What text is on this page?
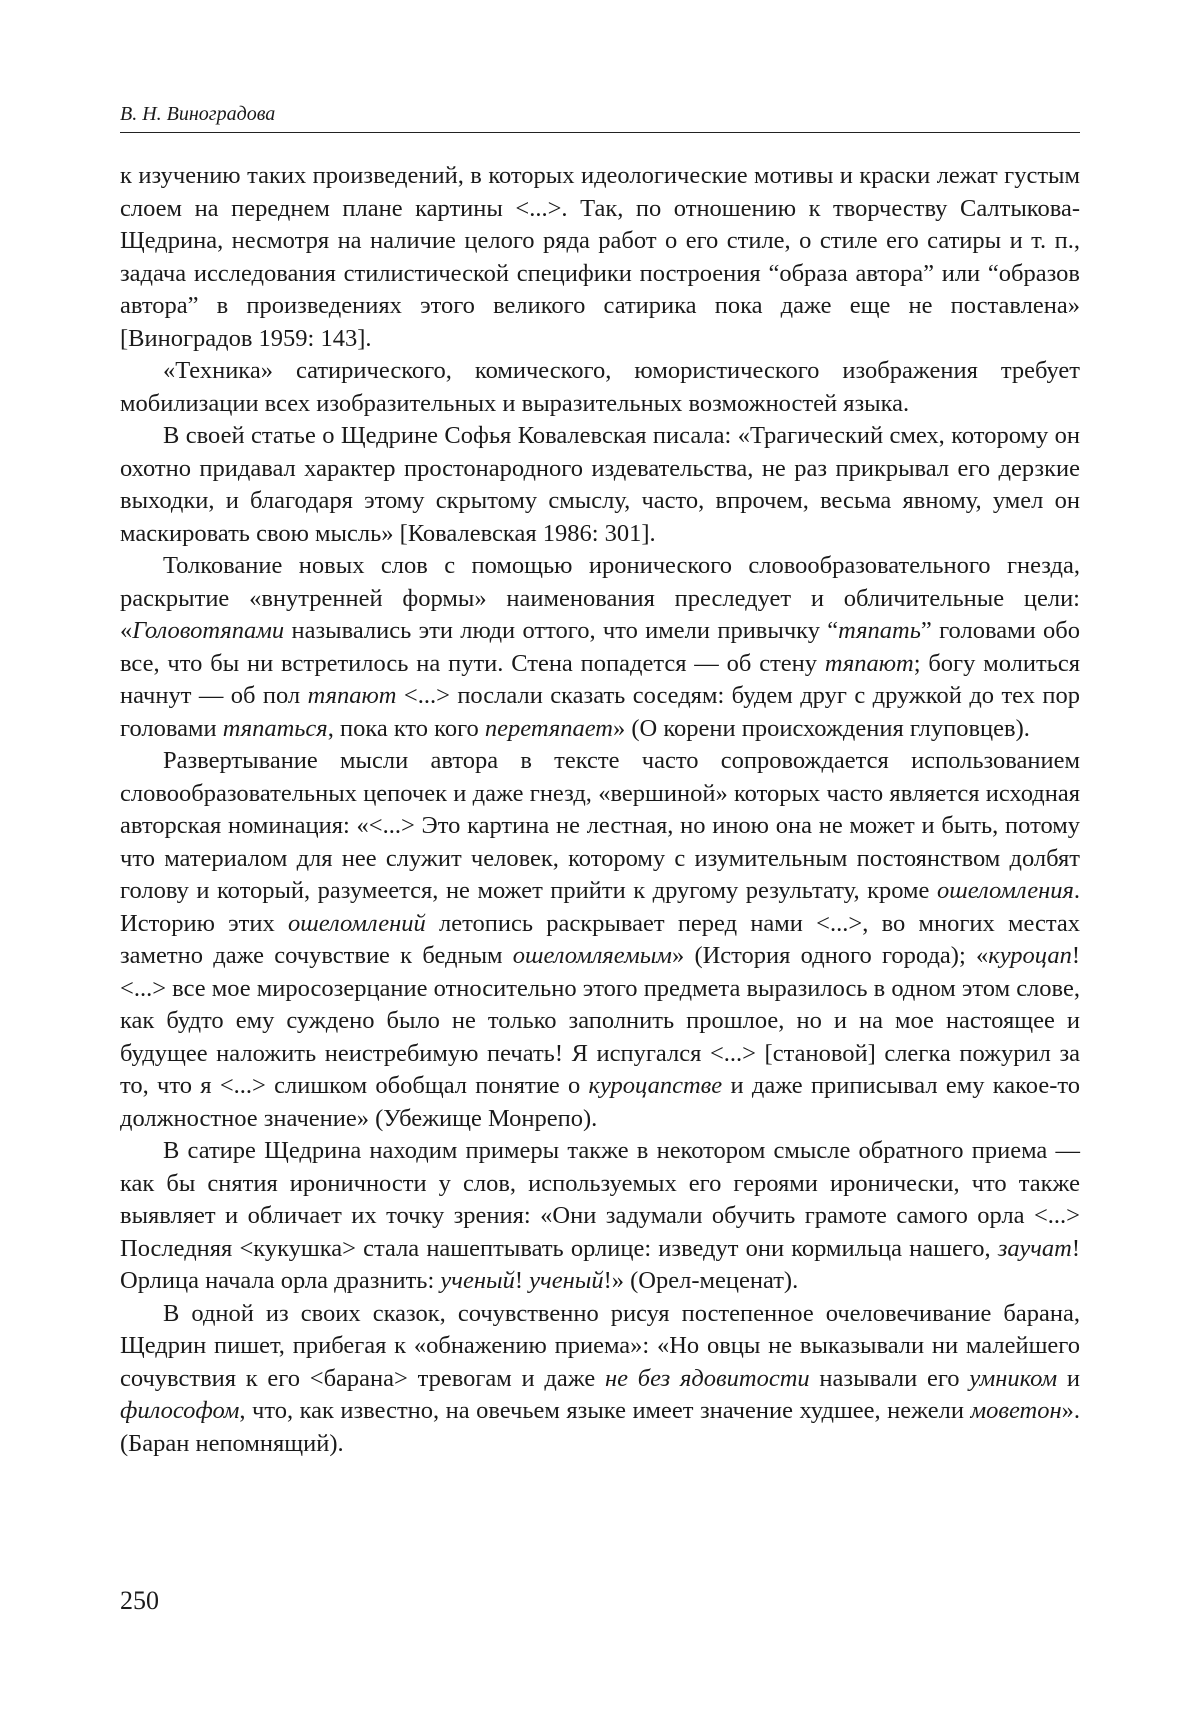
В. Н. Виноградова

к изучению таких произведений, в которых идеологические мотивы и краски лежат густым слоем на переднем плане картины <...>. Так, по отношению к творчеству Салтыкова-Щедрина, несмотря на наличие целого ряда работ о его стиле, о стиле его сатиры и т. п., задача исследования стилистической специфики построения “образа автора” или “образов автора” в произведениях этого великого сатирика пока даже еще не поставлена» [Виноградов 1959: 143].

«Техника» сатирического, комического, юмористического изображения требует мобилизации всех изобразительных и выразительных возможностей языка.

В своей статье о Щедрине Софья Ковалевская писала: «Трагический смех, которому он охотно придавал характер простонародного издевательства, не раз прикрывал его дерзкие выходки, и благодаря этому скрытому смыслу, часто, впрочем, весьма явному, умел он маскировать свою мысль» [Ковалевская 1986: 301].

Толкование новых слов с помощью иронического словообразовательного гнезда, раскрытие «внутренней формы» наименования преследует и обличительные цели: «Головотяпами назывались эти люди оттого, что имели привычку “тяпать” головами обо все, что бы ни встретилось на пути. Стена попадется — об стену тяпают; богу молиться начнут — об пол тяпают <...> послали сказать соседям: будем друг с дружкой до тех пор головами тяпаться, пока кто кого перетяпает» (О корени происхождения глуповцев).

Развертывание мысли автора в тексте часто сопровождается использованием словообразовательных цепочек и даже гнезд, «вершиной» которых часто является исходная авторская номинация: «<...> Это картина не лестная, но иною она не может и быть, потому что материалом для нее служит человек, которому с изумительным постоянством долбят голову и который, разумеется, не может прийти к другому результату, кроме ошеломления. Историю этих ошеломлений летопись раскрывает перед нами <...>, во многих местах заметно даже сочувствие к бедным ошеломляемым» (История одного города); «куроцап! <...> все мое миросозерцание относительно этого предмета выразилось в одном этом слове, как будто ему суждено было не только заполнить прошлое, но и на мое настоящее и будущее наложить неистребимую печать! Я испугался <...> [становой] слегка пожурил за то, что я <...> слишком обобщал понятие о куроцапстве и даже приписывал ему какое-то должностное значение» (Убежище Монрепо).

В сатире Щедрина находим примеры также в некотором смысле обратного приема — как бы снятия ироничности у слов, используемых его героями иронически, что также выявляет и обличает их точку зрения: «Они задумали обучить грамоте самого орла <...> Последняя <кукушка> стала нашептывать орлице: изведут они кормильца нашего, заучат! Орлица начала орла дразнить: ученый! ученый!» (Орел-меценат).

В одной из своих сказок, сочувственно рисуя постепенное очеловечивание барана, Щедрин пишет, прибегая к «обнажению приема»: «Но овцы не выказывали ни малейшего сочувствия к его <барана> тревогам и даже не без ядовитости называли его умником и философом, что, как известно, на овечьем языке имеет значение худшее, нежели моветон». (Баран непомнящий).

250
